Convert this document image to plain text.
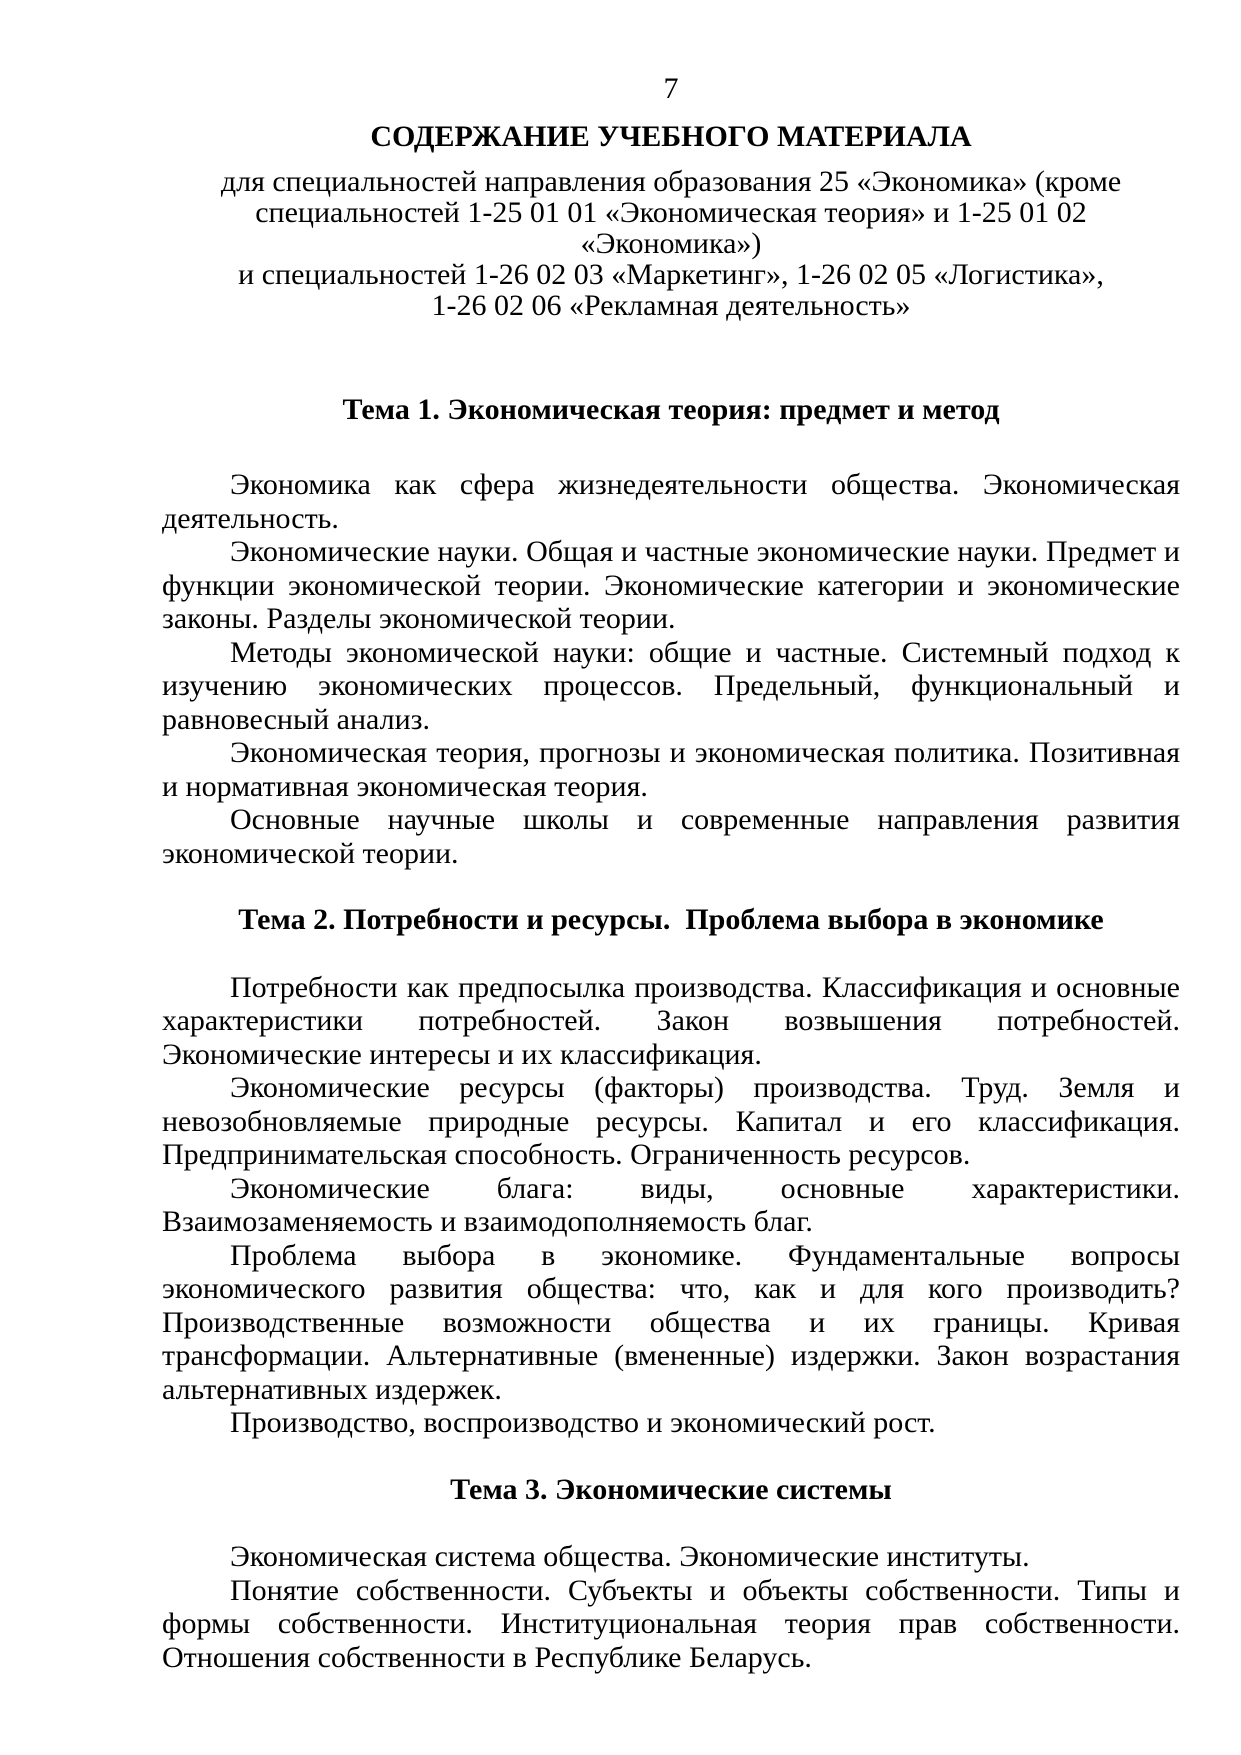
7
СОДЕРЖАНИЕ УЧЕБНОГО МАТЕРИАЛА
для специальностей направления образования 25 «Экономика» (кроме
специальностей 1-25 01 01 «Экономическая теория» и 1-25 01 02 «Экономика»)
и специальностей 1-26 02 03 «Маркетинг», 1-26 02 05 «Логистика»,
1-26 02 06 «Рекламная деятельность»
Тема 1. Экономическая теория: предмет и метод
Экономика как сфера жизнедеятельности общества. Экономическая
деятельность.
Экономические науки. Общая и частные экономические науки. Предмет и
функции экономической теории. Экономические категории и экономические
законы. Разделы экономической теории.
Методы экономической науки: общие и частные. Системный подход к
изучению экономических процессов. Предельный, функциональный и
равновесный анализ.
Экономическая теория, прогнозы и экономическая политика. Позитивная
и нормативная экономическая теория.
Основные научные школы и современные направления развития
экономической теории.
Тема 2. Потребности и ресурсы.  Проблема выбора в экономике
Потребности как предпосылка производства. Классификация и основные
характеристики потребностей. Закон возвышения потребностей.
Экономические интересы и их классификация.
Экономические ресурсы (факторы) производства. Труд. Земля и
невозобновляемые природные ресурсы. Капитал и его классификация.
Предпринимательская способность. Ограниченность ресурсов.
Экономические блага: виды, основные характеристики.
Взаимозаменяемость и взаимодополняемость благ.
Проблема выбора в экономике. Фундаментальные вопросы
экономического развития общества: что, как и для кого производить?
Производственные возможности общества и их границы. Кривая
трансформации. Альтернативные (вмененные) издержки. Закон возрастания
альтернативных издержек.
Производство, воспроизводство и экономический рост.
Тема 3. Экономические системы
Экономическая система общества. Экономические институты.
Понятие собственности. Субъекты и объекты собственности. Типы и
формы собственности. Институциональная теория прав собственности.
Отношения собственности в Республике Беларусь.
